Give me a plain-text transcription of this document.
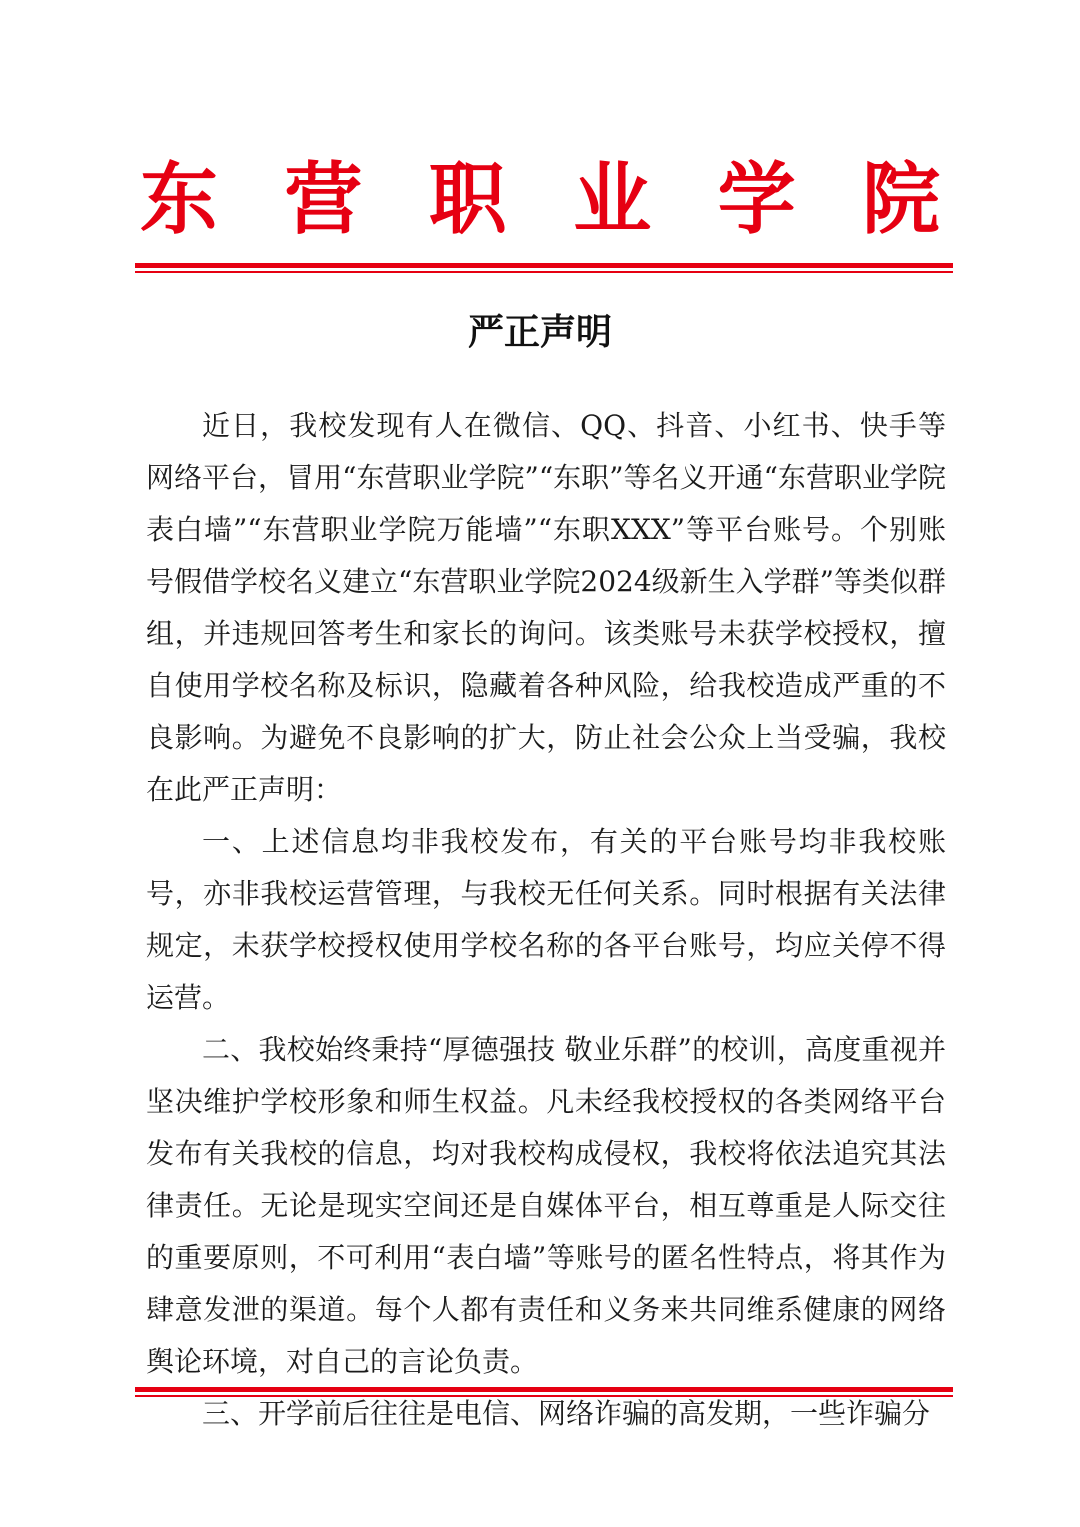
东 营 职 业 学 院
严正声明

近日，我校发现有人在微信、QQ、抖音、小红书、快手等网络平台，冒用“东营职业学院”“东职”等名义开通“东营职业学院表白墙”“东营职业学院万能墙”“东职XXX”等平台账号。个别账号假借学校名义建立“东营职业学院2024级新生入学群”等类似群组，并违规回答考生和家长的询问。该类账号未获学校授权，擅自使用学校名称及标识，隐藏着各种风险，给我校造成严重的不良影响。为避免不良影响的扩大，防止社会公众上当受骗，我校在此严正声明：

一、上述信息均非我校发布，有关的平台账号均非我校账号，亦非我校运营管理，与我校无任何关系。同时根据有关法律规定，未获学校授权使用学校名称的各平台账号，均应关停不得运营。

二、我校始终秉持“厚德强技 敬业乐群”的校训，高度重视并坚决维护学校形象和师生权益。凡未经我校授权的各类网络平台发布有关我校的信息，均对我校构成侵权，我校将依法追究其法律责任。无论是现实空间还是自媒体平台，相互尊重是人际交往的重要原则，不可利用“表白墙”等账号的匿名性特点，将其作为肆意发泄的渠道。每个人都有责任和义务来共同维系健康的网络舆论环境，对自己的言论负责。

三、开学前后往往是电信、网络诈骗的高发期，一些诈骗分
